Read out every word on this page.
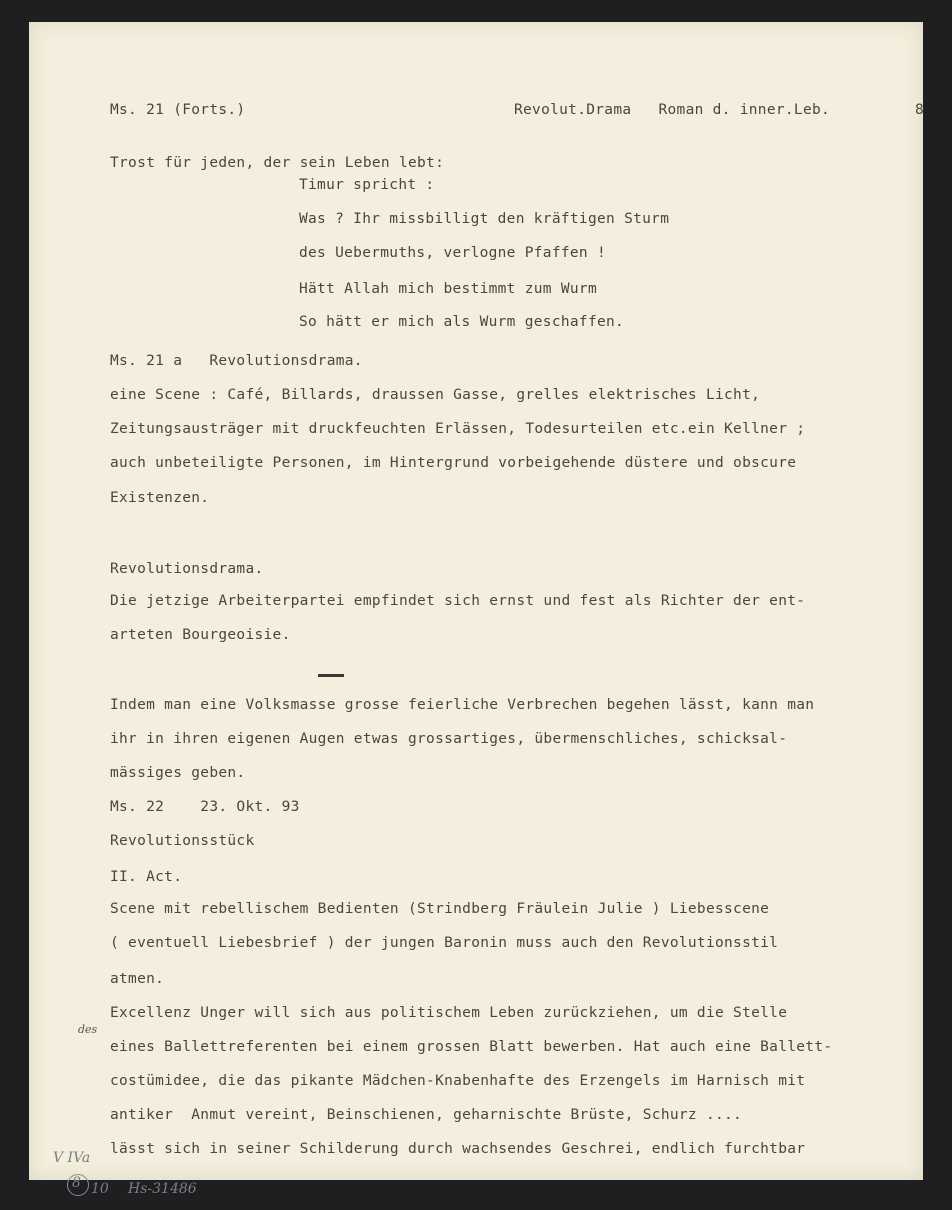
Ms. 21 (Forts.)	Revolut.Drama   Roman d. inner.Leb.	8
Trost für jeden, der sein Leben lebt:
Timur spricht :
Was ? Ihr missbilligt den kräftigen Sturm
des Uebermuths, verlogne Pfaffen !
Hätt Allah mich bestimmt zum Wurm
So hätt er mich als Wurm geschaffen.
Ms. 21 a   Revolutionsdrama.
eine Scene : Café, Billards, draussen Gasse, grelles elektrisches Licht,
Zeitungsausträger mit druckfeuchten Erlässen, Todesurteilen etc.ein Kellner ;
auch unbeteiligte Personen, im Hintergrund vorbeigehende düstere und obscure
Existenzen.
Revolutionsdrama.
Die jetzige Arbeiterpartei empfindet sich ernst und fest als Richter der ent-
arteten Bourgeoisie.
Indem man eine Volksmasse grosse feierliche Verbrechen begehen lässt, kann man
ihr in ihren eigenen Augen etwas grossartiges, übermenschliches, schicksal-
mässiges geben.
Ms. 22    23. Okt. 93
Revolutionsstück
II. Act.
Scene mit rebellischem Bedienten (Strindberg Fräulein Julie ) Liebesscene
( eventuell Liebesbrief ) der jungen Baronin muss auch den Revolutionsstil
atmen.
Excellenz Unger will sich aus politischem Leben zurückziehen, um die Stelle
eines Ballettreferenten bei einem grossen Blatt bewerben. Hat auch eine Ballett-
costümidee, die das pikante Mädchen-Knabenhafte des Erzengels im Harnisch mit
antiker  Anmut vereint, Beinschienen, geharnischte Brüste, Schurz ....
lässt sich in seiner Schilderung durch wachsendes Geschrei, endlich furchtbar
des
V IVa
8 10 Hs-31486
